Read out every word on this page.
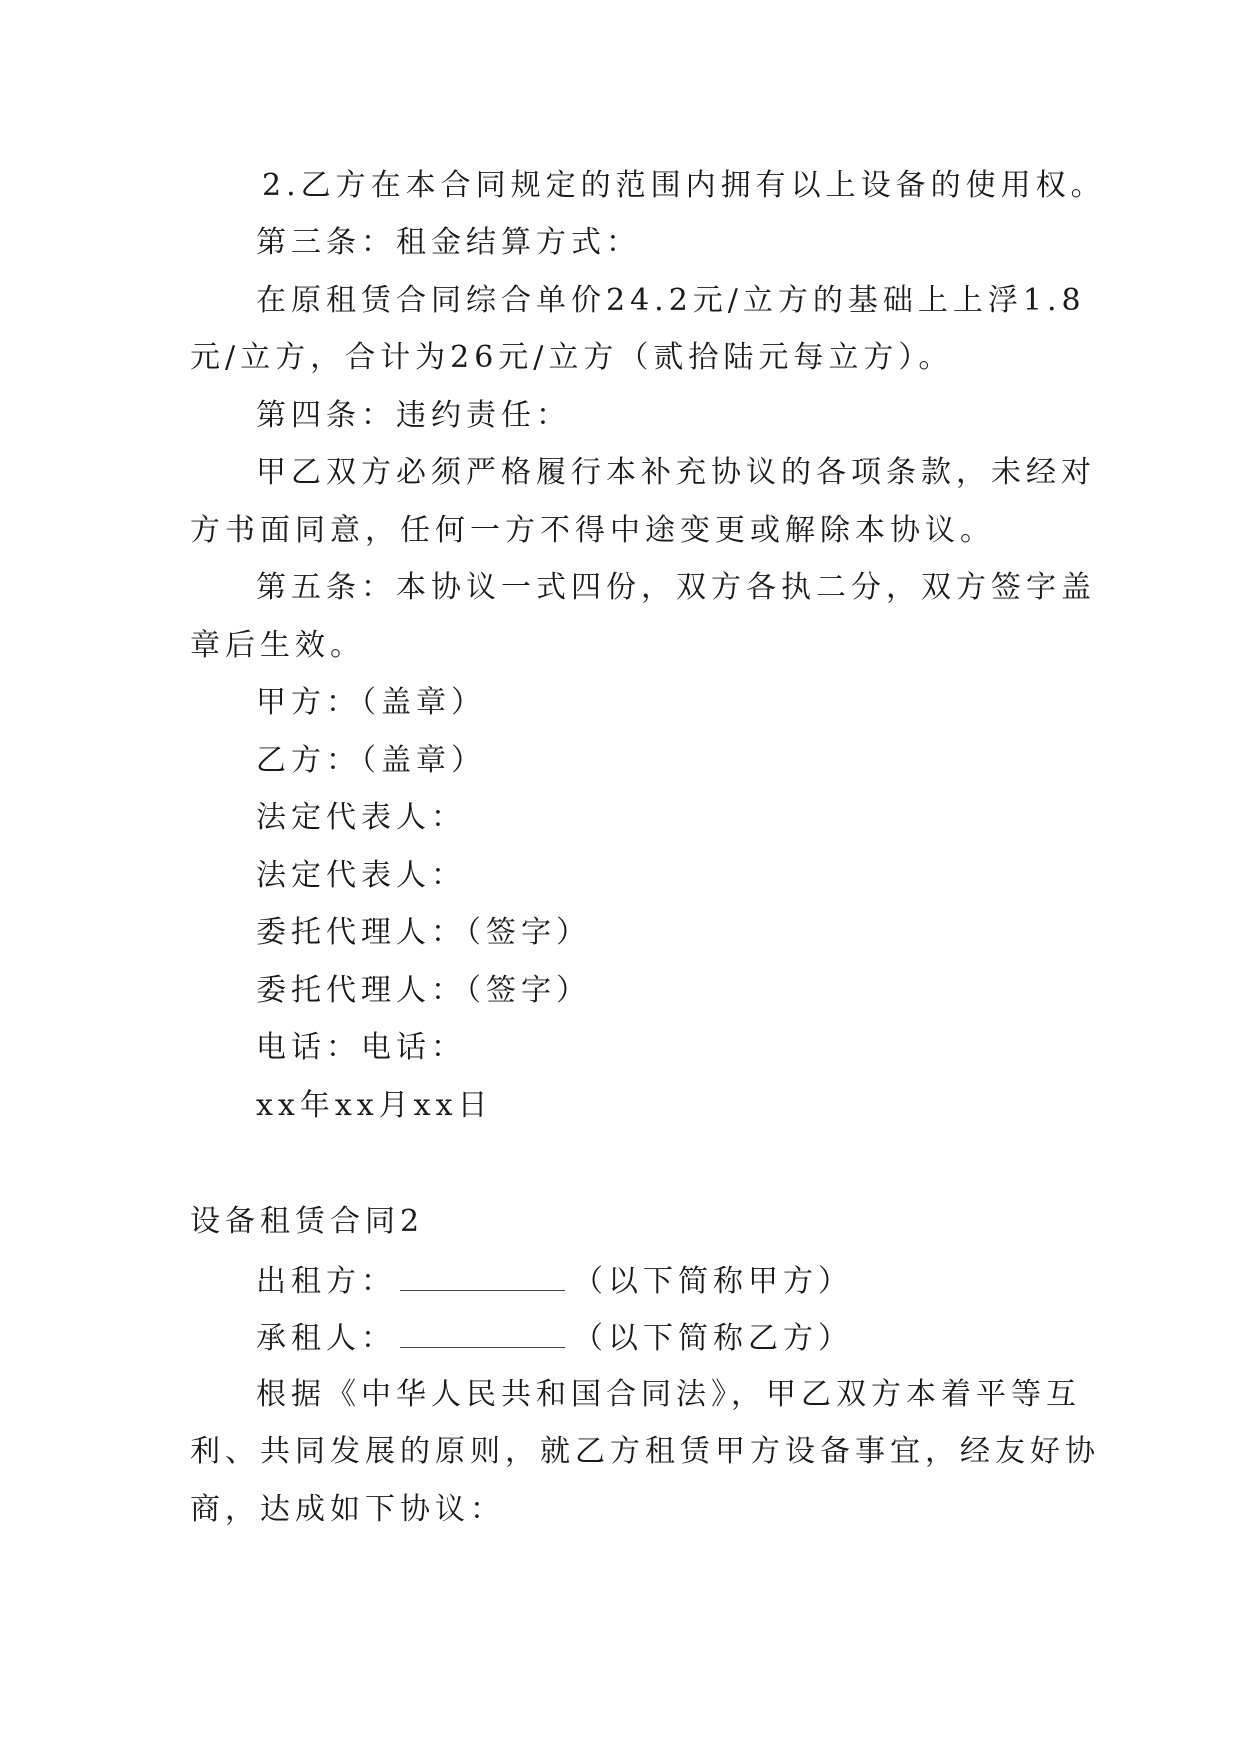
2.乙方在本合同规定的范围内拥有以上设备的使用权。
第三条：租金结算方式：
在原租赁合同综合单价24.2元/立方的基础上上浮1.8
元/立方，合计为26元/立方（贰拾陆元每立方）。
第四条：违约责任：
甲乙双方必须严格履行本补充协议的各项条款，未经对
方书面同意，任何一方不得中途变更或解除本协议。
第五条：本协议一式四份，双方各执二分，双方签字盖
章后生效。
甲方：（盖章）
乙方：（盖章）
法定代表人：
法定代表人：
委托代理人：（签字）
委托代理人：（签字）
电话：电话：
xx年xx月xx日
设备租赁合同2
出租方：	（以下简称甲方）
承租人：	（以下简称乙方）
根据《中华人民共和国合同法》，甲乙双方本着平等互
利、共同发展的原则，就乙方租赁甲方设备事宜，经友好协
商，达成如下协议：
